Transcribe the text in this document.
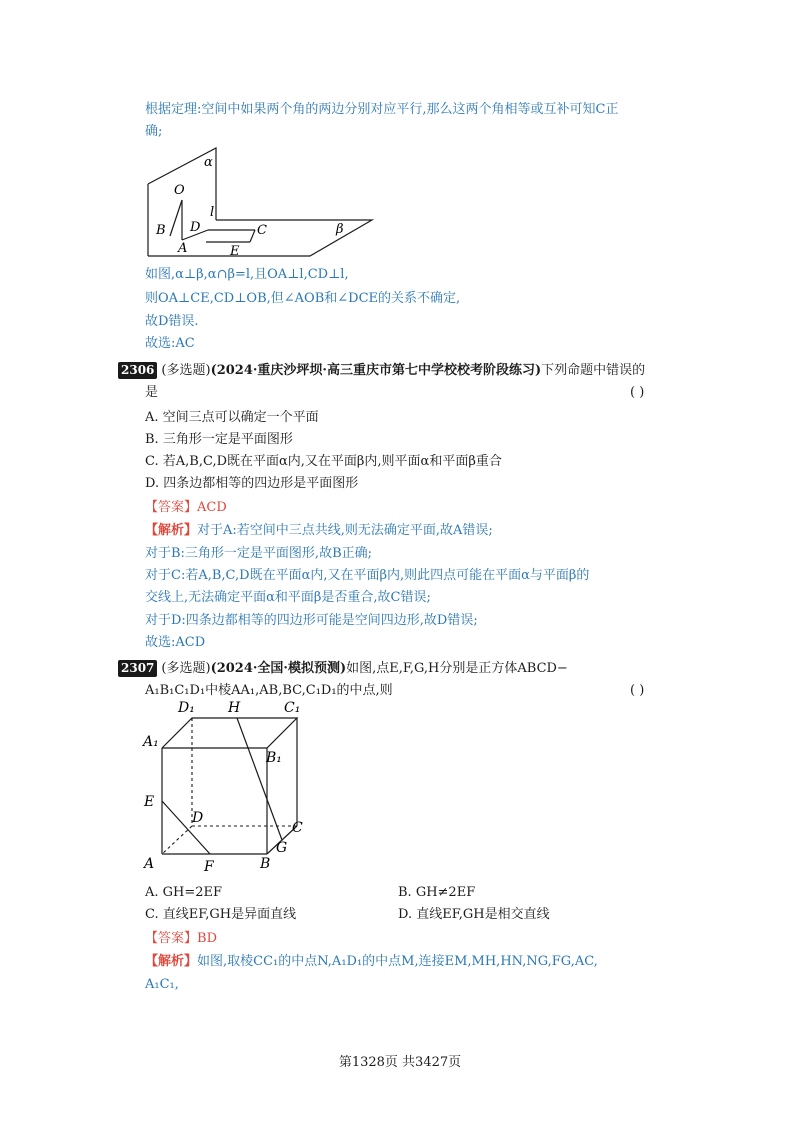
根据定理:空间中如果两个角的两边分别对应平行,那么这两个角相等或互补可知C正
确;
α
O
B D
l
A
C
E
β
如图,α⊥β,α∩β=l,且OA⊥l,CD⊥l,
则OA⊥CE,CD⊥OB,但∠AOB和∠DCE的关系不确定,
故D错误.
故选:AC
2306 (多选题)(2024·重庆沙坪坝·高三重庆市第七中学校校考阶段练习)下列命题中错误的
是	( )
A. 空间三点可以确定一个平面
B. 三角形一定是平面图形
C. 若A,B,C,D既在平面α内,又在平面β内,则平面α和平面β重合
D. 四条边都相等的四边形是平面图形
【答案】ACD
【解析】对于A:若空间中三点共线,则无法确定平面,故A错误;
对于B:三角形一定是平面图形,故B正确;
对于C:若A,B,C,D既在平面α内,又在平面β内,则此四点可能在平面α与平面β的
交线上,无法确定平面α和平面β是否重合,故C错误;
对于D:四条边都相等的四边形可能是空间四边形,故D错误;
故选:ACD
2307 (多选题)(2024·全国·模拟预测)如图,点E,F,G,H分别是正方体ABCD−
A₁B₁C₁D₁中棱AA₁,AB,BC,C₁D₁的中点,则	( )
D₁ H	C₁
A₁
B₁
E
D
C
G
A	F	B
A. GH=2EF	B. GH≠2EF
C. 直线EF,GH是异面直线	D. 直线EF,GH是相交直线
【答案】BD
【解析】如图,取棱CC₁的中点N,A₁D₁的中点M,连接EM,MH,HN,NG,FG,AC,
A₁C₁,
第1328页 共3427页
